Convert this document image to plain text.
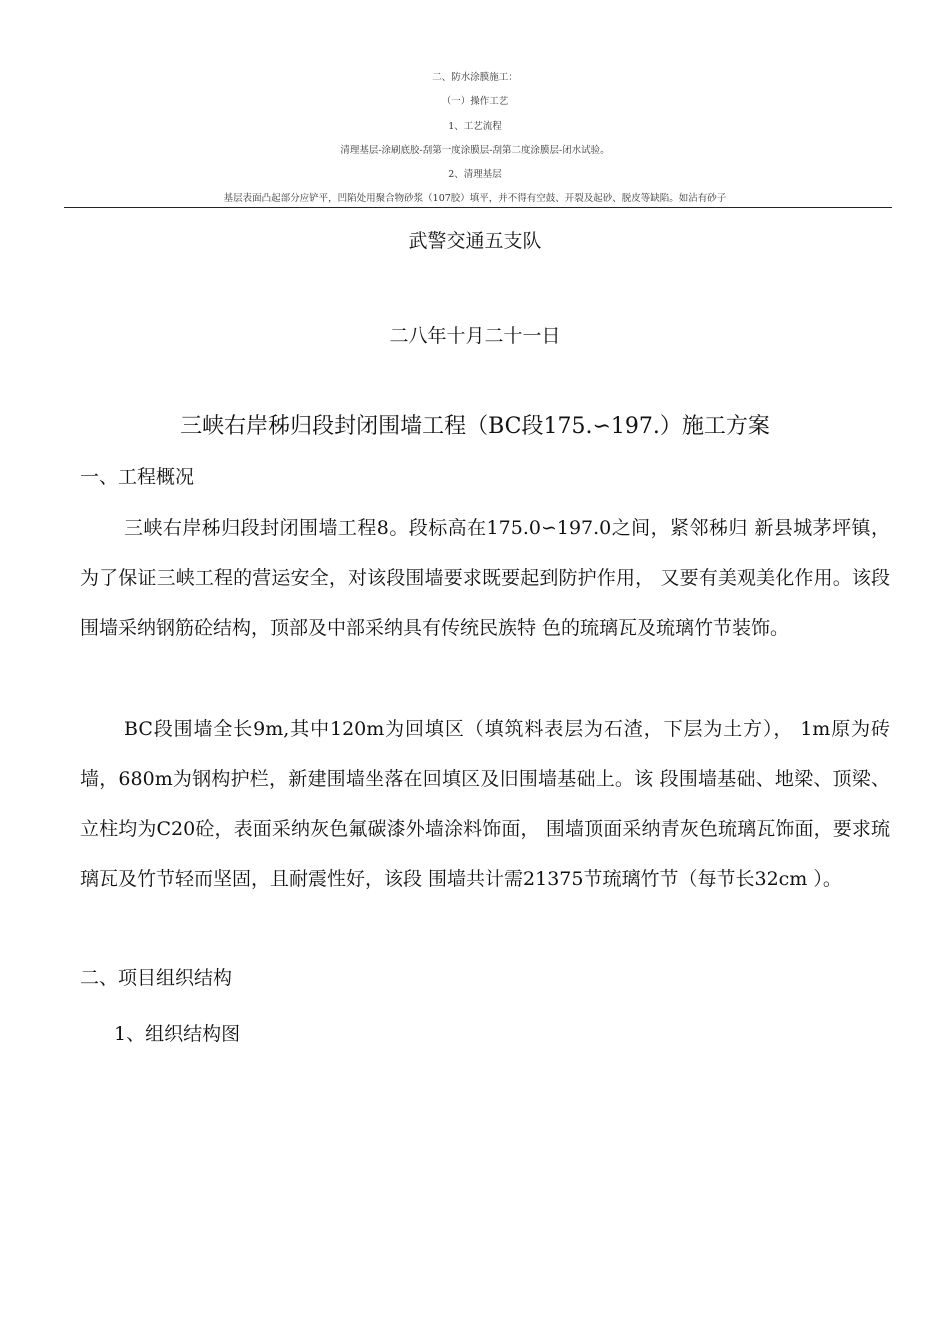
二、防水涂膜施工：
（一）操作工艺
1、工艺流程
清理基层-涂刷底胶-刮第一度涂膜层-刮第二度涂膜层-闭水试验。
2、清理基层
基层表面凸起部分应铲平，凹陷处用聚合物砂浆（107胶）填平，并不得有空鼓、开裂及起砂、脱皮等缺陷。如沾有砂子
武警交通五支队
二八年十月二十一日
三峡右岸秭归段封闭围墙工程（BC段175.∽197.）施工方案
一、工程概况
三峡右岸秭归段封闭围墙工程8。段标高在175.0∽197.0之间，紧邻秭归 新县城茅坪镇，为了保证三峡工程的营运安全，对该段围墙要求既要起到防护作用， 又要有美观美化作用。该段围墙采纳钢筋砼结构，顶部及中部采纳具有传统民族特 色的琉璃瓦及琉璃竹节装饰。
BC段围墙全长9m,其中120m为回填区（填筑料表层为石渣，下层为土方）， 1m原为砖墙，680m为钢构护栏，新建围墙坐落在回填区及旧围墙基础上。该 段围墙基础、地梁、顶梁、立柱均为C20砼，表面采纳灰色氟碳漆外墙涂料饰面， 围墙顶面采纳青灰色琉璃瓦饰面，要求琉璃瓦及竹节轻而坚固，且耐震性好，该段 围墙共计需21375节琉璃竹节（每节长32cm ）。
二、项目组织结构
1、组织结构图
